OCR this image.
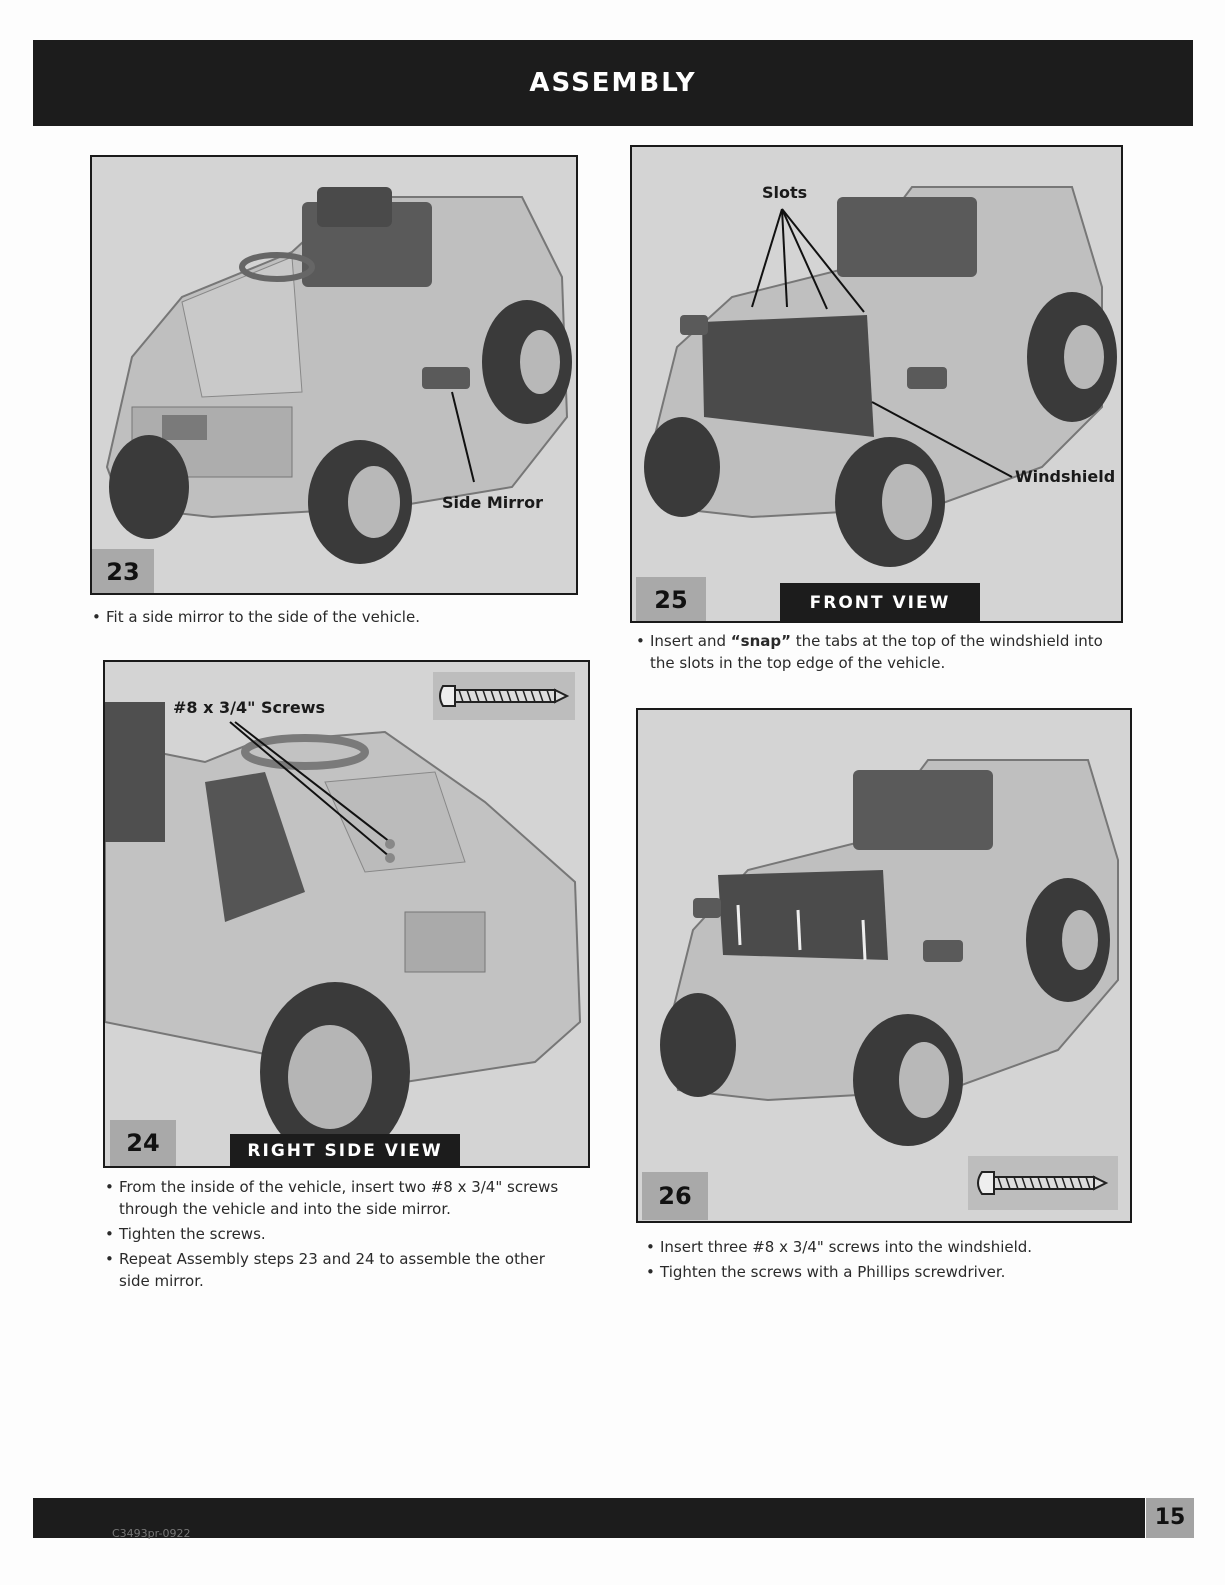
ASSEMBLY
Side Mirror
23
• Fit a side mirror to the side of the vehicle.
#8 x 3/4" Screws
24	RIGHT SIDE VIEW
• From the inside of the vehicle, insert two #8 x 3/4" screws through the vehicle and into the side mirror.
• Tighten the screws.
• Repeat Assembly steps 23 and 24 to assemble the other side mirror.
Slots
Windshield
25	FRONT VIEW
• Insert and “snap” the tabs at the top of the windshield into the slots in the top edge of the vehicle.
26
• Insert three #8 x 3/4" screws into the windshield.
• Tighten the screws with a Phillips screwdriver.
C3493pr-0922
15
